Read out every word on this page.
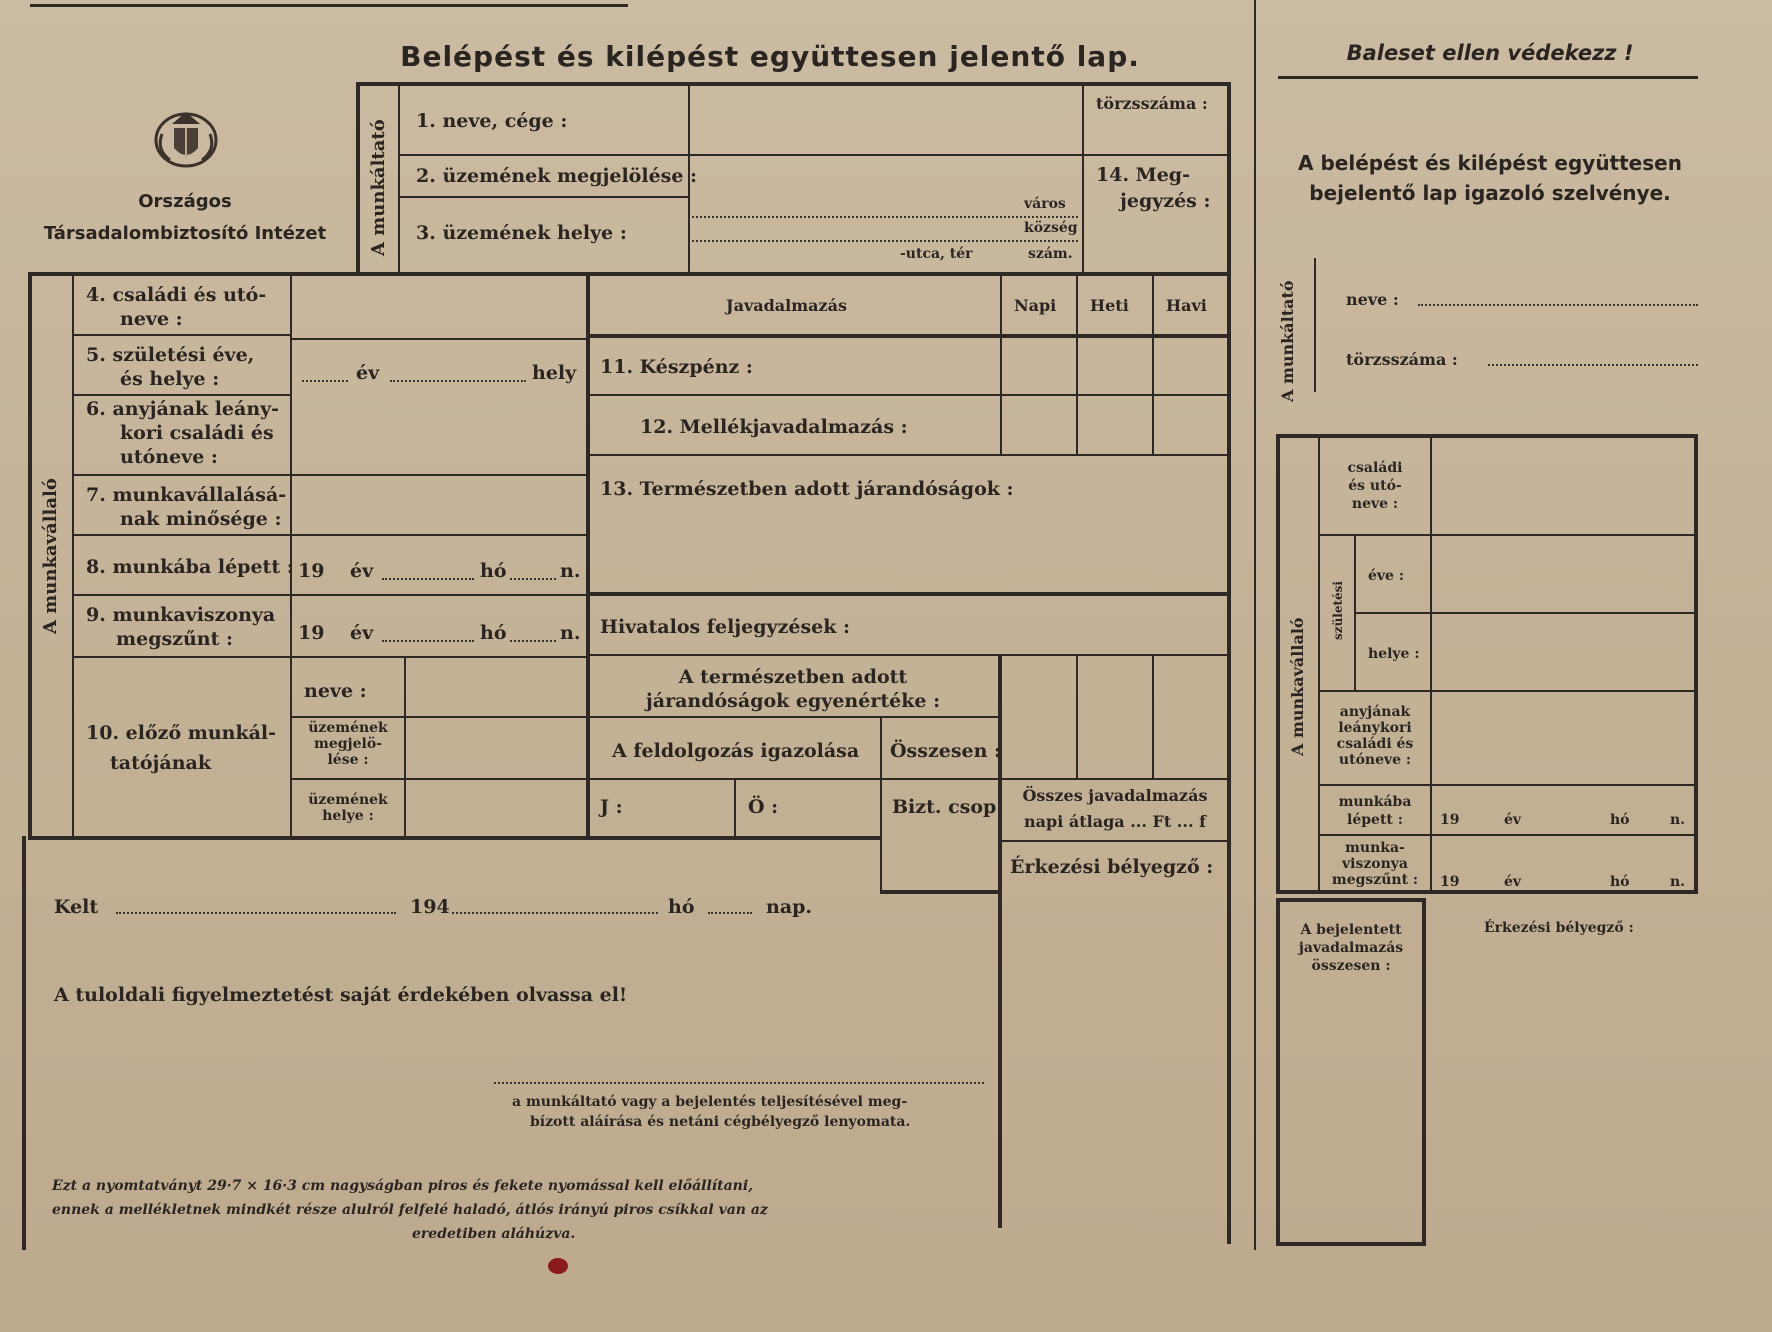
Országos
Társadalombiztosító Intézet
Belépést és kilépést együttesen jelentő lap.
A munkáltató 1. neve, cége :
2. üzemének megjelölése :
3. üzemének helye :
város
község
-utca, tér	szám.
törzsszáma :
14. Meg-
jegyzés :
A munkavállaló
4. családi és utó-
neve :
5. születési éve,
és helye :	év	hely
6. anyjának leány-
kori családi és
utóneve :
7. munkavállalásá-
nak minősége :
8. munkába lépett : 19 év	hó	n.
9. munkaviszonya
megszűnt :	19 év	hó	n.
10. előző munkál-
tatójának
neve :
üzemének
megjelö-
lése :
üzemének
helye :
Javadalmazás	Napi Heti Havi
11. Készpénz :
12. Mellékjavadalmazás :
13. Természetben adott járandóságok :
Hivatalos feljegyzések :
A természetben adott
járandóságok egyenértéke :
A feldolgozás igazolása Összesen :
J :	Ö :	Bizt. csop
Összes javadalmazás
napi átlaga ... Ft ... f
Érkezési bélyegző :
Kelt	194	hó	nap.
A tuloldali figyelmeztetést saját érdekében olvassa el!
a munkáltató vagy a bejelentés teljesítésével meg-
bízott aláírása és netáni cégbélyegző lenyomata.
Ezt a nyomtatványt 29·7 × 16·3 cm nagyságban piros és fekete nyomással kell előállítani,
ennek a mellékletnek mindkét része alulról felfelé haladó, átlós irányú piros csíkkal van az
eredetiben aláhúzva.
Baleset ellen védekezz !
A belépést és kilépést együttesen
bejelentő lap igazoló szelvénye.
A munkáltató	neve :
törzsszáma :
A munkavállaló
családi
és utó-
neve :
születési
éve :
helye :
anyjának
leánykori
családi és
utóneve :
munkába
lépett :	19	év	hó	n.
munka-
viszonya
megszűnt :	19	év	hó	n.
A bejelentett
javadalmazás
összesen :
Érkezési bélyegző :
